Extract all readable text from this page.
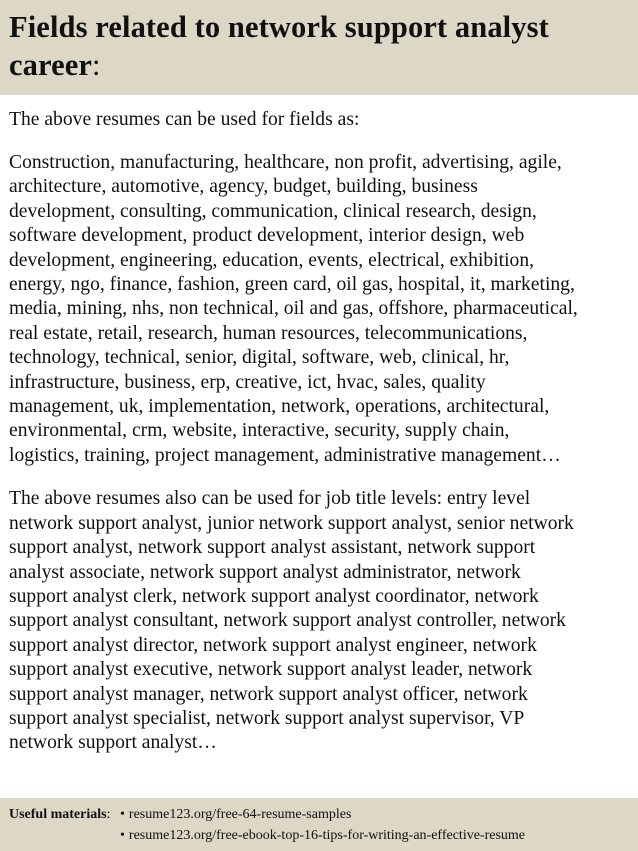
Fields related to network support analyst career:

The above resumes can be used for fields as:

Construction, manufacturing, healthcare, non profit, advertising, agile,
architecture, automotive, agency, budget, building, business
development, consulting, communication, clinical research, design,
software development, product development, interior design, web
development, engineering, education, events, electrical, exhibition,
energy, ngo, finance, fashion, green card, oil gas, hospital, it, marketing,
media, mining, nhs, non technical, oil and gas, offshore, pharmaceutical,
real estate, retail, research, human resources, telecommunications,
technology, technical, senior, digital, software, web, clinical, hr,
infrastructure, business, erp, creative, ict, hvac, sales, quality
management, uk, implementation, network, operations, architectural,
environmental, crm, website, interactive, security, supply chain,
logistics, training, project management, administrative management…

The above resumes also can be used for job title levels: entry level
network support analyst, junior network support analyst, senior network
support analyst, network support analyst assistant, network support
analyst associate, network support analyst administrator, network
support analyst clerk, network support analyst coordinator, network
support analyst consultant, network support analyst controller, network
support analyst director, network support analyst engineer, network
support analyst executive, network support analyst leader, network
support analyst manager, network support analyst officer, network
support analyst specialist, network support analyst supervisor, VP
network support analyst…

Useful materials: • resume123.org/free-64-resume-samples
• resume123.org/free-ebook-top-16-tips-for-writing-an-effective-resume
